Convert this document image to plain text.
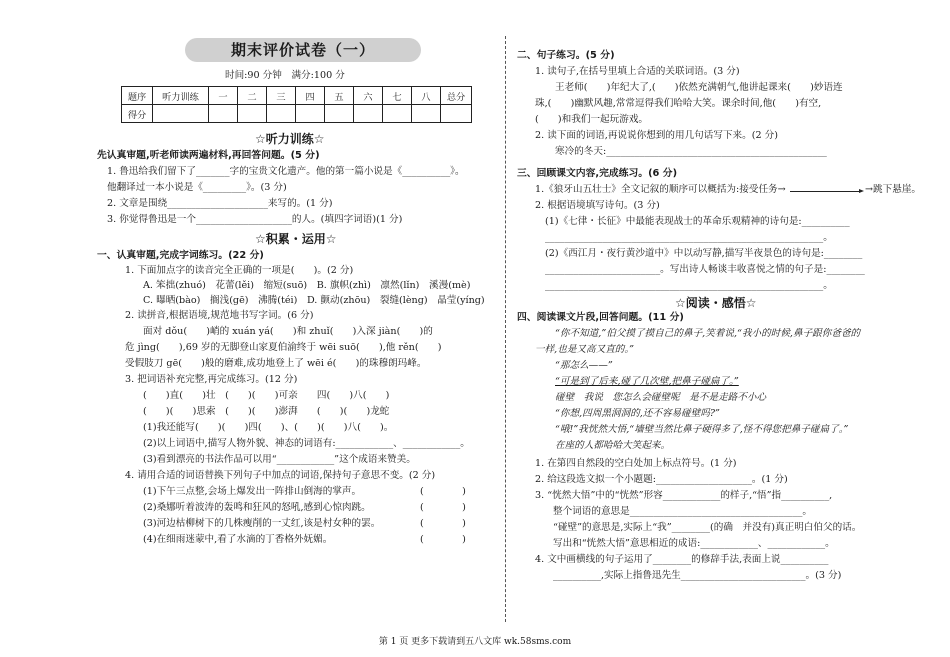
期末评价试卷（一）
时间:90 分钟　满分:100 分
题序	听力训练	一	二	三	四	五	六	七	八	总分
得分										
☆听力训练☆
先认真审题,听老师读两遍材料,再回答问题。(5 分)
1. 鲁迅给我们留下了_______字的宝贵文化遗产。他的第一篇小说是《__________》。
他翻译过一本小说是《_________》。(3 分)
2. 文章是围绕_____________________来写的。(1 分)
3. 你觉得鲁迅是一个____________________的人。(填四字词语)(1 分)
☆积累・运用☆
一、认真审题,完成字词练习。(22 分)
1. 下面加点字的读音完全正确的一项是(　　)。(2 分)
A. 笨拙(zhuó)　花蕾(lěi)　缩短(suō)　B. 旗帜(zhì)　凛然(lǐn)　溪漫(mè)
C. 曝晒(bào)　搁浅(gē)　沸腾(téi)　D. 颤动(zhōu)　裂缝(lèng)　晶莹(yíng)
2. 读拼音,根据语境,规范地书写字词。(6 分)
面对 dǒu(　　)峭的 xuán yá(　　)和 zhuǐ(　　)入深 jiàn(　　)的
危 jìng(　　),69 岁的无脚登山家夏伯渝终于 wēi suō(　　),他 rěn(　　)
受假肢刀 gē(　　)般的磨难,成功地登上了 wēi é(　　)的珠穆朗玛峰。
3. 把词语补充完整,再完成练习。(12 分)
(　　)直(　　)壮　(　　)(　　)可亲　　四(　　)八(　　)
(　　)(　　)思索　(　　)(　　)澎湃　　(　　)(　　)龙蛇
(1)我还能写(　　)(　　)四(　　)、(　　)(　　)八(　　)。
(2)以上词语中,描写人物外貌、神态的词语有:____________、____________。
(3)看到漂亮的书法作品可以用“____________”这个成语来赞美。
4. 请用合适的词语替换下列句子中加点的词语,保持句子意思不变。(2 分)
(1)下午三点整,会场上爆发出一阵排山倒海的掌声。	(　　　　)
(2)桑娜听着波涛的轰鸣和狂风的怒吼,感到心惊肉跳。	(　　　　)
(3)河边枯柳树下的几株瘦削的一丈红,该是村女种的罢。	(　　　　)
(4)在细雨迷蒙中,看了水滴的丁香格外妩媚。	(　　　　)
二、句子练习。(5 分)
1. 读句子,在括号里填上合适的关联词语。(3 分)
王老师(　　)年纪大了,(　　)依然充满朝气,他讲起课来(　　)妙语连
珠,(　　)幽默风趣,常常逗得我们哈哈大笑。课余时间,他(　　)有空,
(　　)和我们一起玩游戏。
2. 读下面的词语,再说说你想到的用几句话写下来。(2 分)
寒冷的冬天:______________________________________________
三、回顾课文内容,完成练习。(6 分)
1.《狼牙山五壮士》全文记叙的顺序可以概括为:接受任务→	→跳下悬崖。
2. 根据语境填写诗句。(3 分)
(1)《七律・长征》中最能表现战士的革命乐观精神的诗句是:__________
__________________________________________________________。
(2)《西江月・夜行黄沙道中》中以动写静,描写半夜景色的诗句是:________
________________________。写出诗人畅谈丰收喜悦之情的句子是:________
__________________________________________________________。
☆阅读・感悟☆
四、阅读课文片段,回答问题。(11 分)
“你不知道,”伯父摸了摸自己的鼻子,笑着说,“我小的时候,鼻子跟你爸爸的
一样,也是又高又直的。”
“那怎么——”
“可是到了后来,碰了几次壁,把鼻子碰扁了。”
碰壁　我说　您怎么会碰壁呢　是不是走路不小心
“你想,四周黑洞洞的,还不容易碰壁吗?”
“哦!”我恍然大悟,“墙壁当然比鼻子硬得多了,怪不得您把鼻子碰扁了。”
在座的人都哈哈大笑起来。
1. 在第四自然段的空白处加上标点符号。(1 分)
2. 给这段选文拟一个小题题:____________________。(1 分)
3. “恍然大悟”中的“恍然”形容____________的样子,“悟”指__________,
整个词语的意思是____________________________________。
“碰壁”的意思是,实际上“我”________(的确　并没有)真正明白伯父的话。
写出和“恍然大悟”意思相近的成语:____________、____________。
4. 文中画横线的句子运用了________的修辞手法,表面上说__________
__________,实际上指鲁迅先生__________________________。(3 分)
第 1 页 更多下载请到五八文库 wk.58sms.com
